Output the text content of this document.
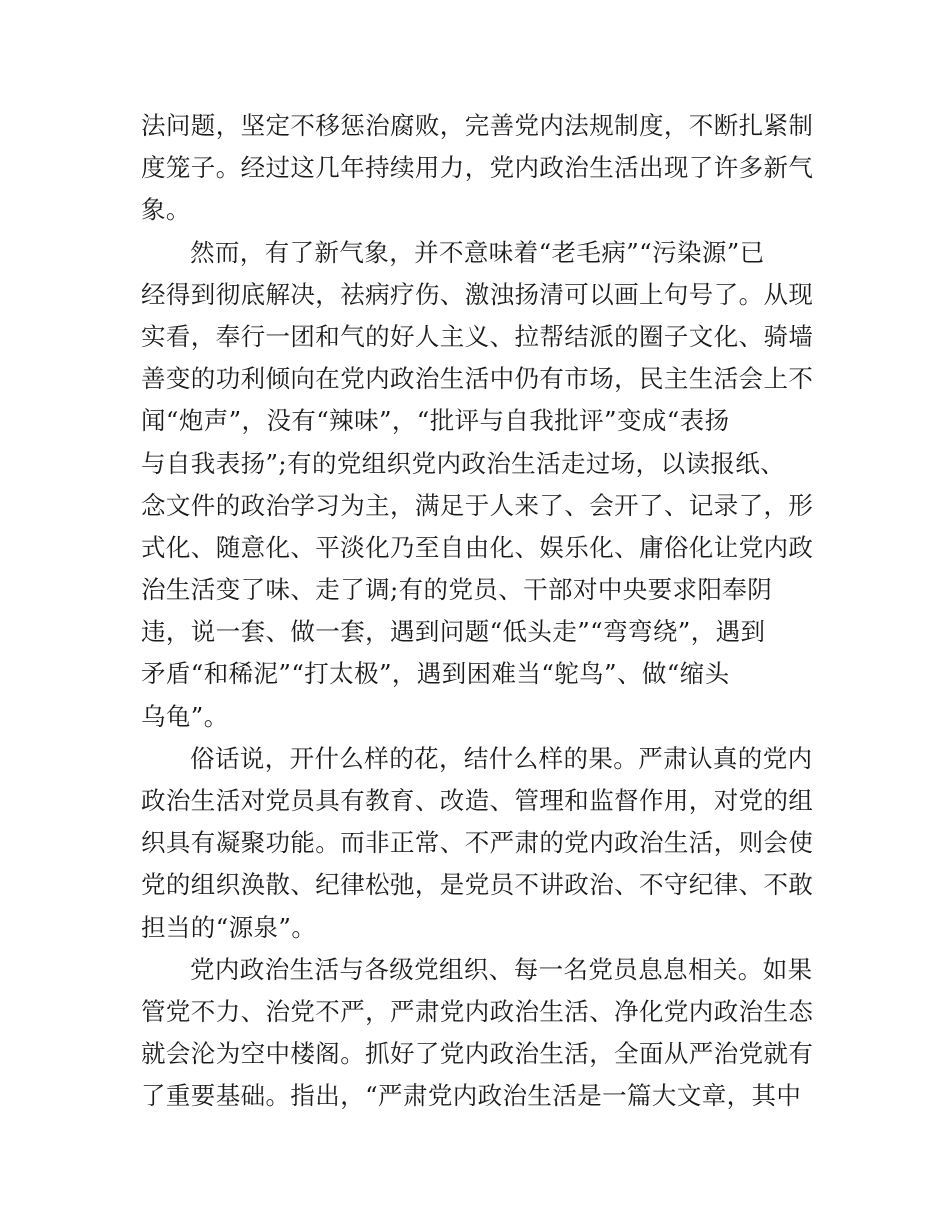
法问题，坚定不移惩治腐败，完善党内法规制度，不断扎紧制
度笼子。经过这几年持续用力，党内政治生活出现了许多新气
象。
然而，有了新气象，并不意味着“老毛病”“污染源”已
经得到彻底解决，祛病疗伤、激浊扬清可以画上句号了。从现
实看，奉行一团和气的好人主义、拉帮结派的圈子文化、骑墙
善变的功利倾向在党内政治生活中仍有市场，民主生活会上不
闻“炮声”，没有“辣味”，“批评与自我批评”变成“表扬
与自我表扬”;有的党组织党内政治生活走过场，以读报纸、
念文件的政治学习为主，满足于人来了、会开了、记录了，形
式化、随意化、平淡化乃至自由化、娱乐化、庸俗化让党内政
治生活变了味、走了调;有的党员、干部对中央要求阳奉阴
违，说一套、做一套，遇到问题“低头走”“弯弯绕”，遇到
矛盾“和稀泥”“打太极”，遇到困难当“鸵鸟”、做“缩头
乌龟”。
俗话说，开什么样的花，结什么样的果。严肃认真的党内
政治生活对党员具有教育、改造、管理和监督作用，对党的组
织具有凝聚功能。而非正常、不严肃的党内政治生活，则会使
党的组织涣散、纪律松弛，是党员不讲政治、不守纪律、不敢
担当的“源泉”。
党内政治生活与各级党组织、每一名党员息息相关。如果
管党不力、治党不严，严肃党内政治生活、净化党内政治生态
就会沦为空中楼阁。抓好了党内政治生活，全面从严治党就有
了重要基础。指出，“严肃党内政治生活是一篇大文章，其中
